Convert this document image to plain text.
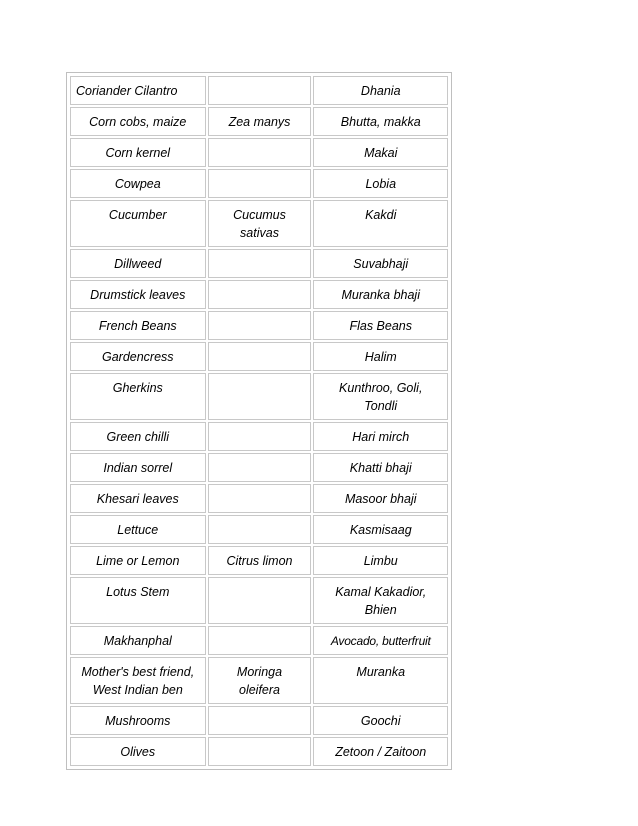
Coriander Cilantro		Dhania
Corn cobs, maize	Zea manys	Bhutta, makka
Corn kernel		Makai
Cowpea		Lobia
Cucumber	Cucumus sativas	Kakdi
Dillweed		Suvabhaji
Drumstick leaves		Muranka bhaji
French Beans		Flas Beans
Gardencress		Halim
Gherkins		Kunthroo, Goli, Tondli
Green chilli		Hari mirch
Indian sorrel		Khatti bhaji
Khesari leaves		Masoor bhaji
Lettuce		Kasmisaag
Lime or Lemon	Citrus limon	Limbu
Lotus Stem		Kamal Kakadior, Bhien
Makhanphal		Avocado, butterfruit
Mother's best friend, West Indian ben	Moringa oleifera	Muranka
Mushrooms		Goochi
Olives		Zetoon / Zaitoon
